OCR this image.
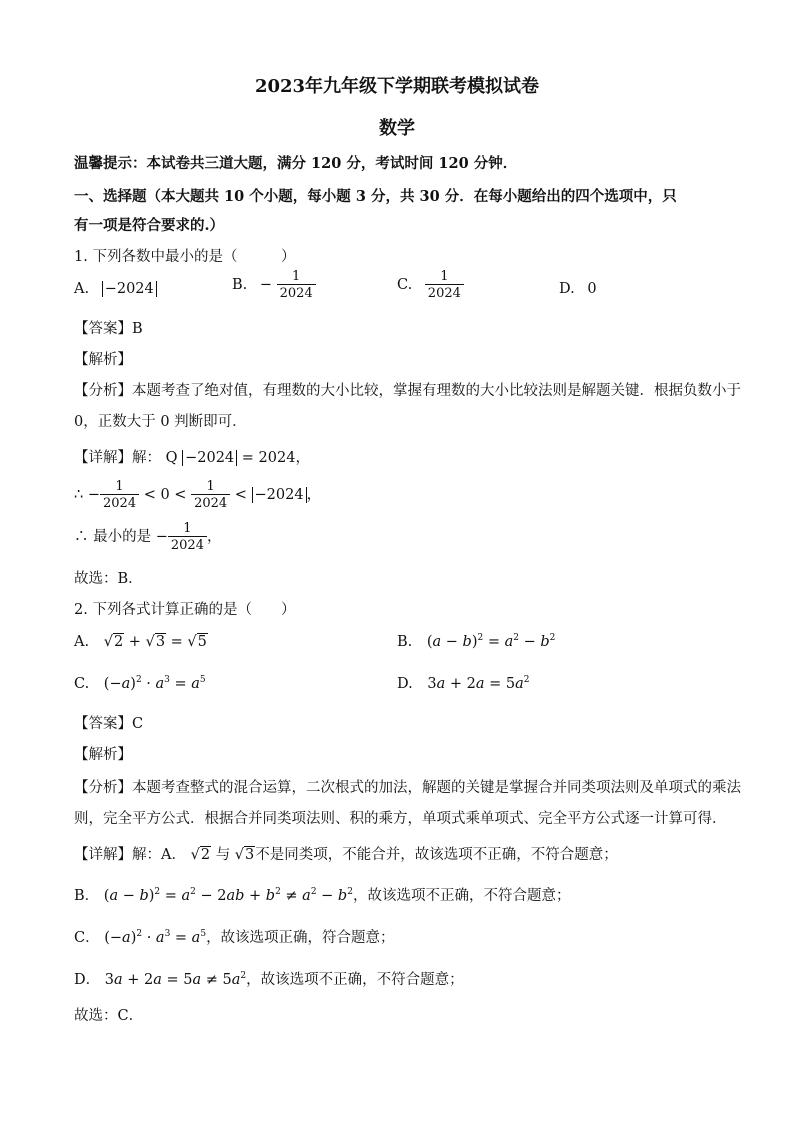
2023年九年级下学期联考模拟试卷
数学
温馨提示：本试卷共三道大题，满分 120 分，考试时间 120 分钟．
一、选择题（本大题共 10 个小题，每小题 3 分，共 30 分．在每小题给出的四个选项中，只
有一项是符合要求的.）
1. 下列各数中最小的是（　　　）
A. −2024	B. − $\frac{1}{2024}$	C. $\frac{1}{2024}$	D. 0
【答案】B
【解析】
【分析】本题考查了绝对值，有理数的大小比较，掌握有理数的大小比较法则是解题关键．根据负数小于
0，正数大于 0 判断即可．
【详解】解： Q −2024 = 2024，
∴ − $\frac{1}{2024} < 0 < \frac{1}{2024} < -2024$ ，
∴ 最小的是 − $\frac{1}{2024}$ ，
故选：B．
2. 下列各式计算正确的是（　　）
A. √2 + √3 = √5	B. $(a - b)^2 = a^2 - b^2$
C. $(-a)^2 \cdot a^3 = a^5$	D. $3a + 2a = 5a^2$
【答案】C
【解析】
【分析】本题考查整式的混合运算，二次根式的加法，解题的关键是掌握合并同类项法则及单项式的乘法
则，完全平方公式．根据合并同类项法则、积的乘方，单项式乘单项式、完全平方公式逐一计算可得．
【详解】解：A． √2 与 √3不是同类项，不能合并，故该选项不正确，不符合题意；
B． $(a - b)^2 = a^2 - 2ab + b^2 \ne a^2 - b^2$，故该选项不正确，不符合题意；
C． $(-a)^2 \cdot a^3 = a^5$，故该选项正确，符合题意；
D． $3a + 2a = 5a \ne 5a^2$，故该选项不正确，不符合题意；
故选：C．
